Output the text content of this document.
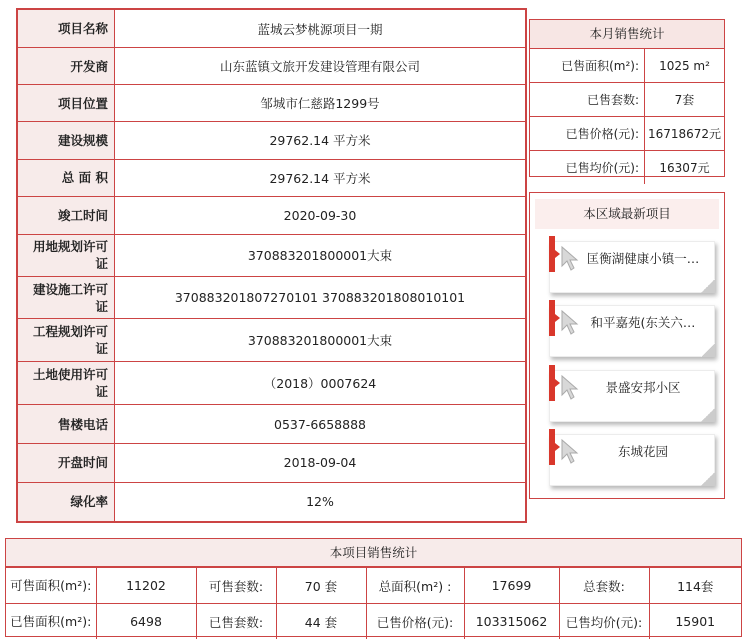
项目名称	蓝城云梦桃源项目一期
开发商	山东蓝镇文旅开发建设管理有限公司
项目位置	邹城市仁慈路1299号
建设规模	29762.14 平方米
总 面 积	29762.14 平方米
竣工时间	2020-09-30
用地规划许可证	370883201800001大束
建设施工许可证	370883201807270101 370883201808010101
工程规划许可证	370883201800001大束
土地使用许可证	（2018）0007624
售楼电话	0537-6658888
开盘时间	2018-09-04
绿化率	12%
本月销售统计
已售面积(m²):	1025 m²
已售套数:	7套
已售价格(元):	16718672元
已售均价(元):	16307元
本区域最新项目
匡衡湖健康小镇一…
和平嘉苑(东关六…
景盛安邦小区
东城花园
本项目销售统计
可售面积(m²):	11202	可售套数:	70 套	总面积(m²) :	17699	总套数:	114套
已售面积(m²):	6498	已售套数:	44 套	已售价格(元):	103315062	已售均价(元):	15901
